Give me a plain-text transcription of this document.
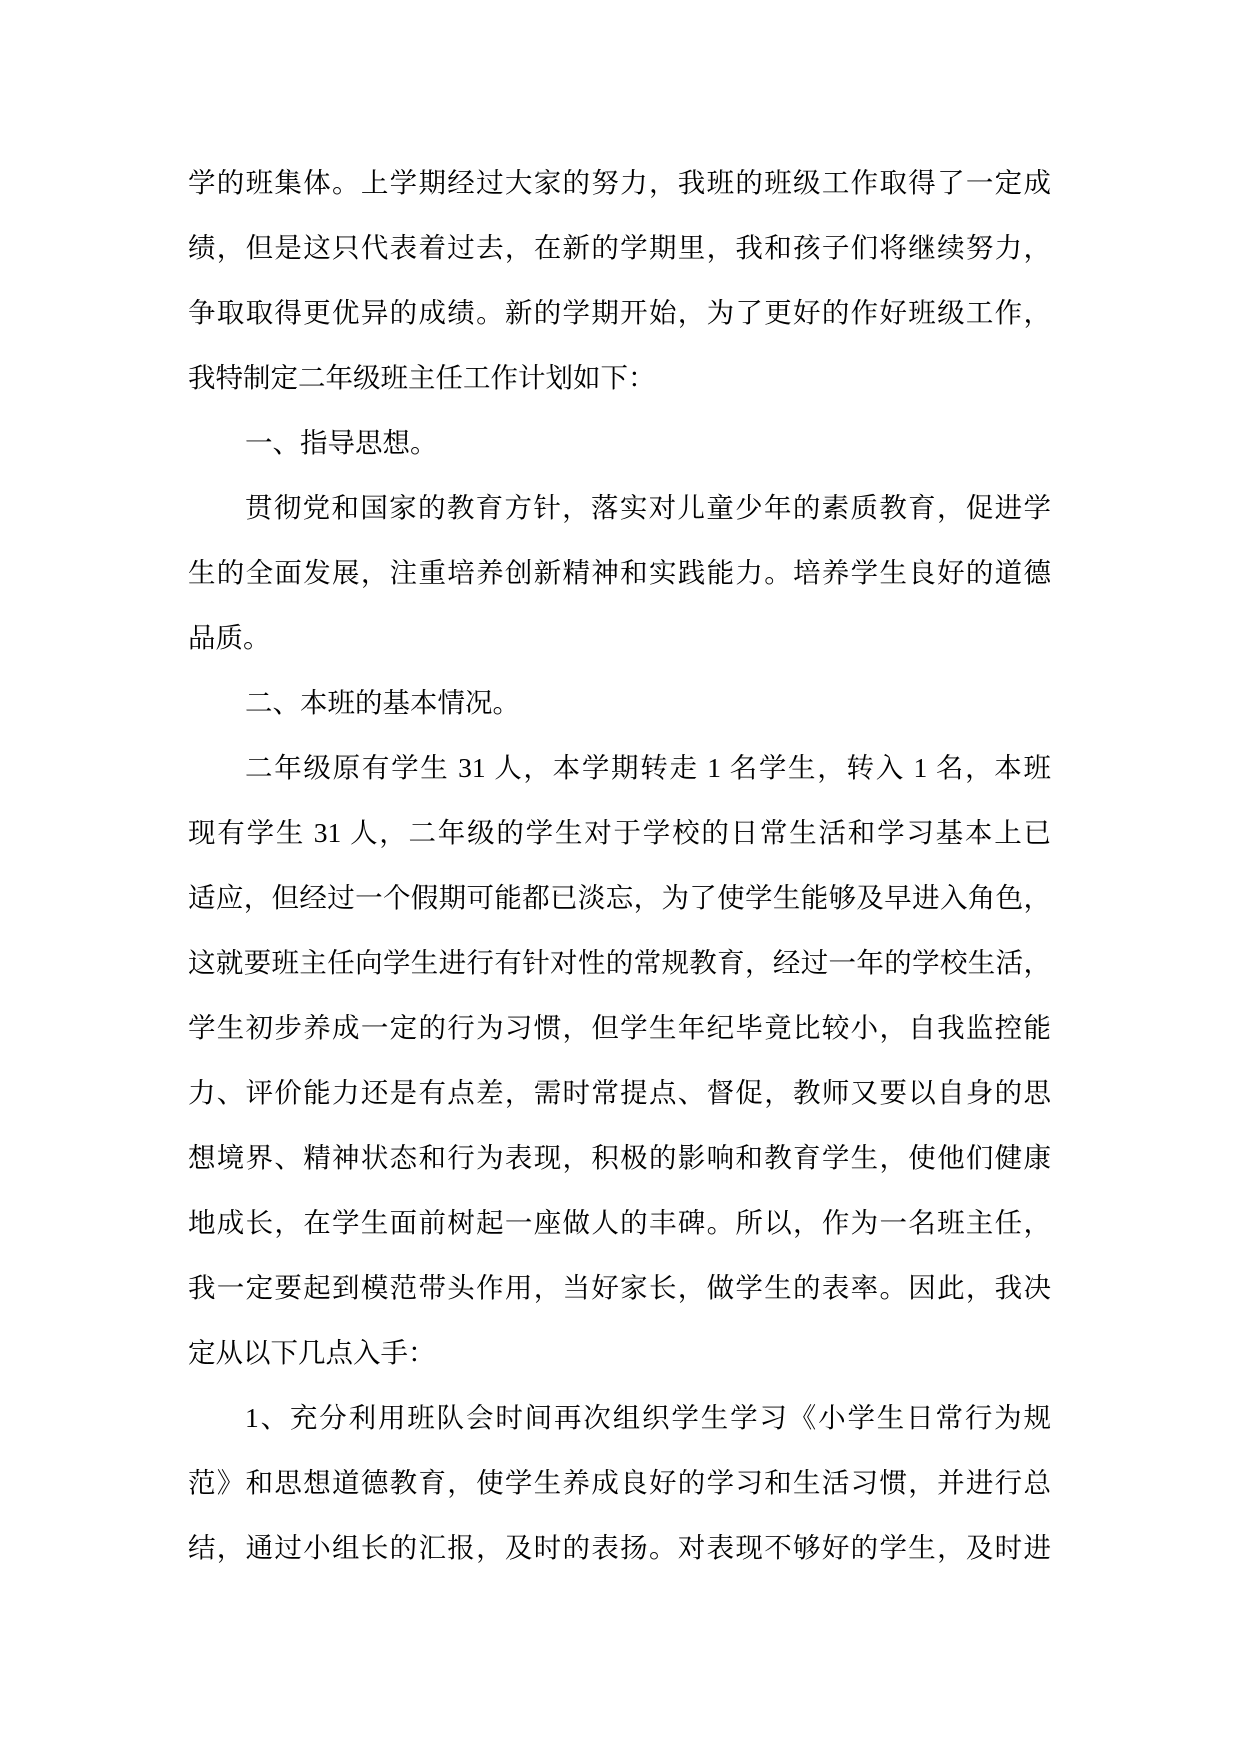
学的班集体。上学期经过大家的努力，我班的班级工作取得了一定成
绩，但是这只代表着过去，在新的学期里，我和孩子们将继续努力，
争取取得更优异的成绩。新的学期开始，为了更好的作好班级工作，
我特制定二年级班主任工作计划如下：
一、指导思想。
贯彻党和国家的教育方针，落实对儿童少年的素质教育，促进学
生的全面发展，注重培养创新精神和实践能力。培养学生良好的道德
品质。
二、本班的基本情况。
二年级原有学生 31 人，本学期转走 1 名学生，转入 1 名，本班
现有学生 31 人，二年级的学生对于学校的日常生活和学习基本上已
适应，但经过一个假期可能都已淡忘，为了使学生能够及早进入角色，
这就要班主任向学生进行有针对性的常规教育，经过一年的学校生活，
学生初步养成一定的行为习惯，但学生年纪毕竟比较小，自我监控能
力、评价能力还是有点差，需时常提点、督促，教师又要以自身的思
想境界、精神状态和行为表现，积极的影响和教育学生，使他们健康
地成长，在学生面前树起一座做人的丰碑。所以，作为一名班主任，
我一定要起到模范带头作用，当好家长，做学生的表率。因此，我决
定从以下几点入手：
1、充分利用班队会时间再次组织学生学习《小学生日常行为规
范》和思想道德教育，使学生养成良好的学习和生活习惯，并进行总
结，通过小组长的汇报，及时的表扬。对表现不够好的学生，及时进
